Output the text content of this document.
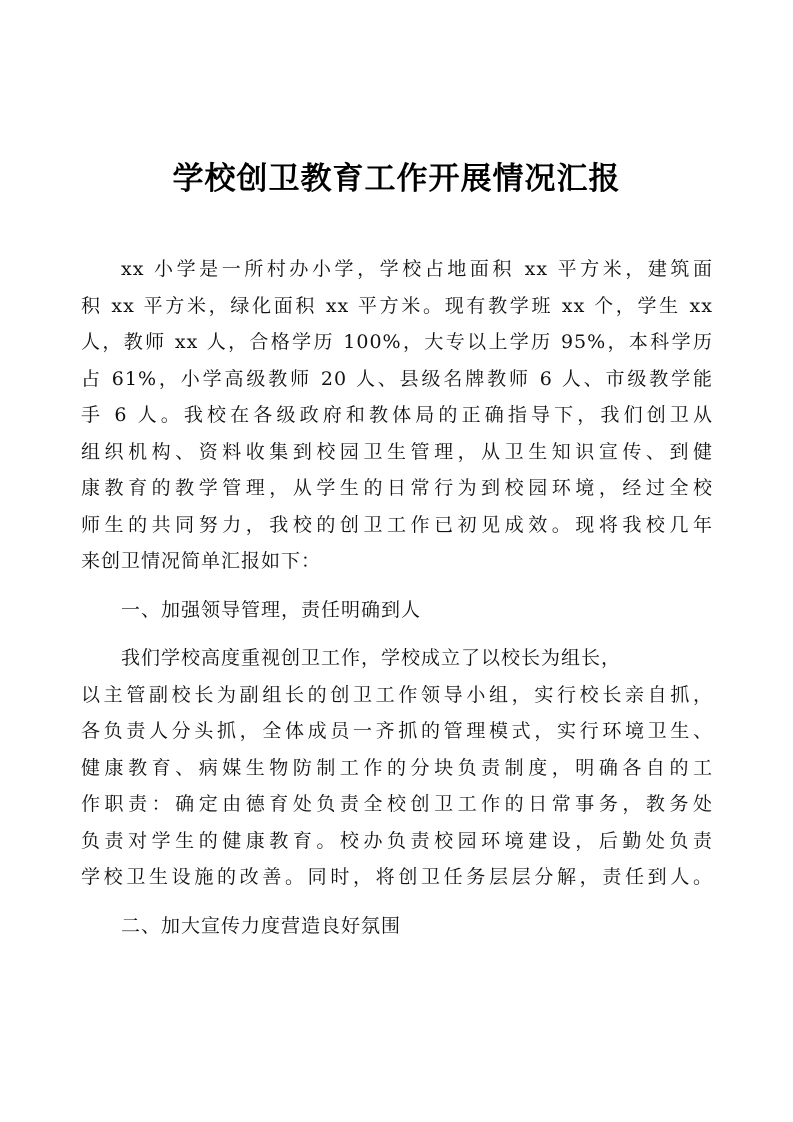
学校创卫教育工作开展情况汇报
xx 小学是一所村办小学，学校占地面积 xx 平方米，建筑面
积 xx 平方米，绿化面积 xx 平方米。现有教学班 xx 个，学生 xx
人，教师 xx 人，合格学历 100%，大专以上学历 95%，本科学历
占 61%，小学高级教师 20 人、县级名牌教师 6 人、市级教学能
手 6 人。我校在各级政府和教体局的正确指导下，我们创卫从
组织机构、资料收集到校园卫生管理，从卫生知识宣传、到健
康教育的教学管理，从学生的日常行为到校园环境，经过全校
师生的共同努力，我校的创卫工作已初见成效。现将我校几年
来创卫情况简单汇报如下：
一、加强领导管理，责任明确到人
我们学校高度重视创卫工作，学校成立了以校长为组长，
以主管副校长为副组长的创卫工作领导小组，实行校长亲自抓，
各负责人分头抓，全体成员一齐抓的管理模式，实行环境卫生、
健康教育、病媒生物防制工作的分块负责制度，明确各自的工
作职责：确定由德育处负责全校创卫工作的日常事务，教务处
负责对学生的健康教育。校办负责校园环境建设，后勤处负责
学校卫生设施的改善。同时，将创卫任务层层分解，责任到人。
二、加大宣传力度营造良好氛围
